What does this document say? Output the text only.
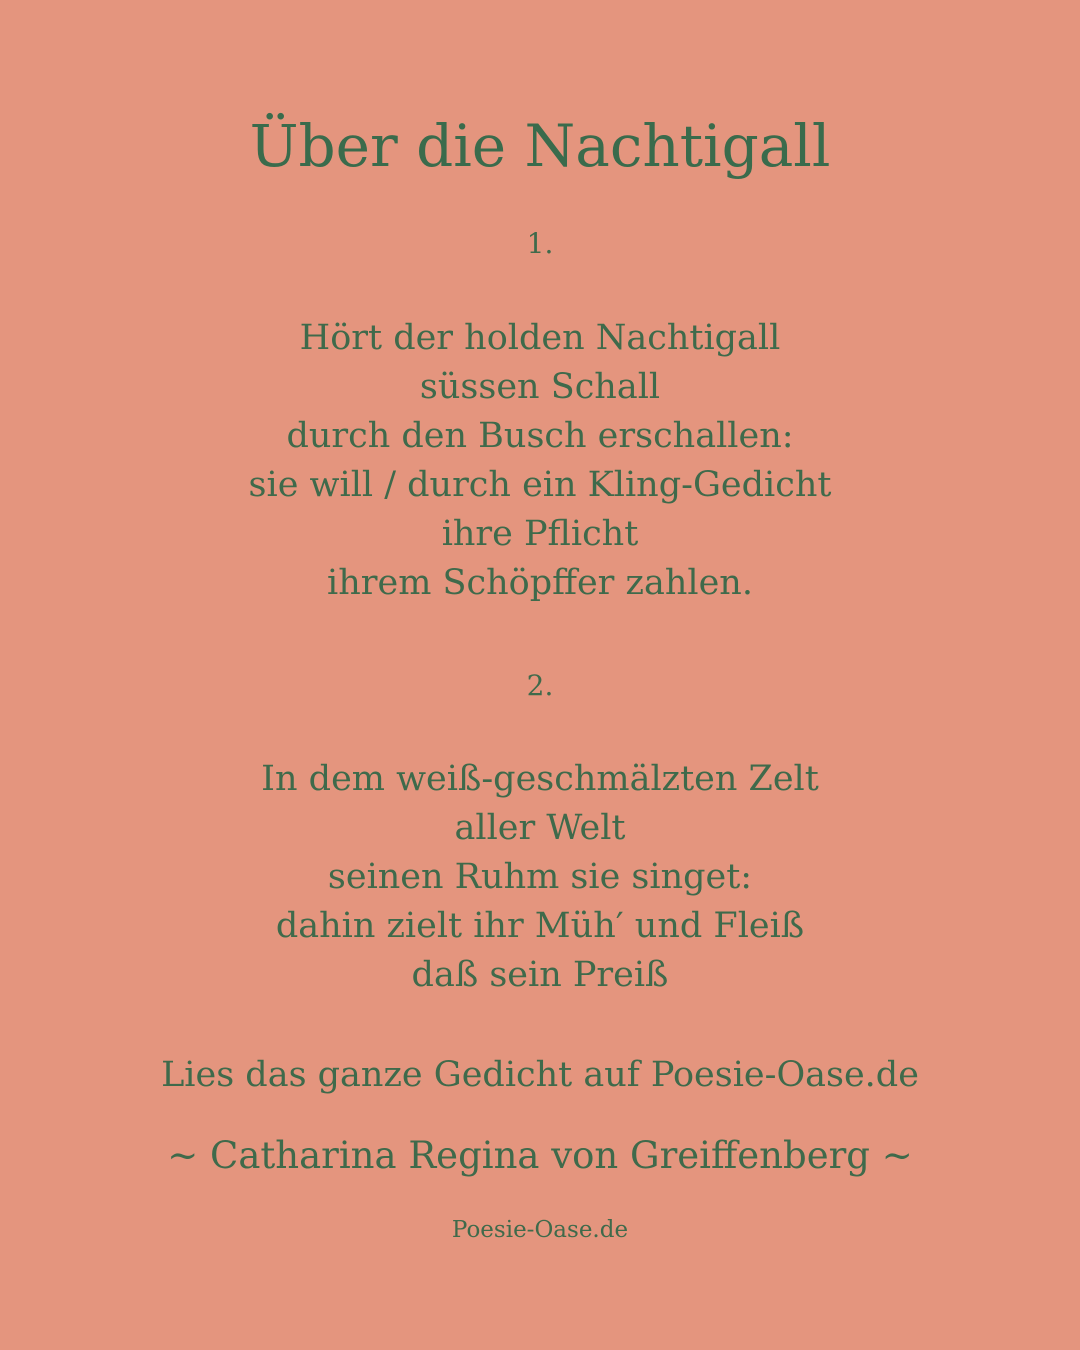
Über die Nachtigall
1.
Hört der holden Nachtigall
süssen Schall
durch den Busch erschallen:
sie will / durch ein Kling-Gedicht
ihre Pflicht
ihrem Schöpffer zahlen.
2.
In dem weiß-geschmälzten Zelt
aller Welt
seinen Ruhm sie singet:
dahin zielt ihr Müh′ und Fleiß
daß sein Preiß
Lies das ganze Gedicht auf Poesie-Oase.de
~ Catharina Regina von Greiffenberg ~
Poesie-Oase.de
